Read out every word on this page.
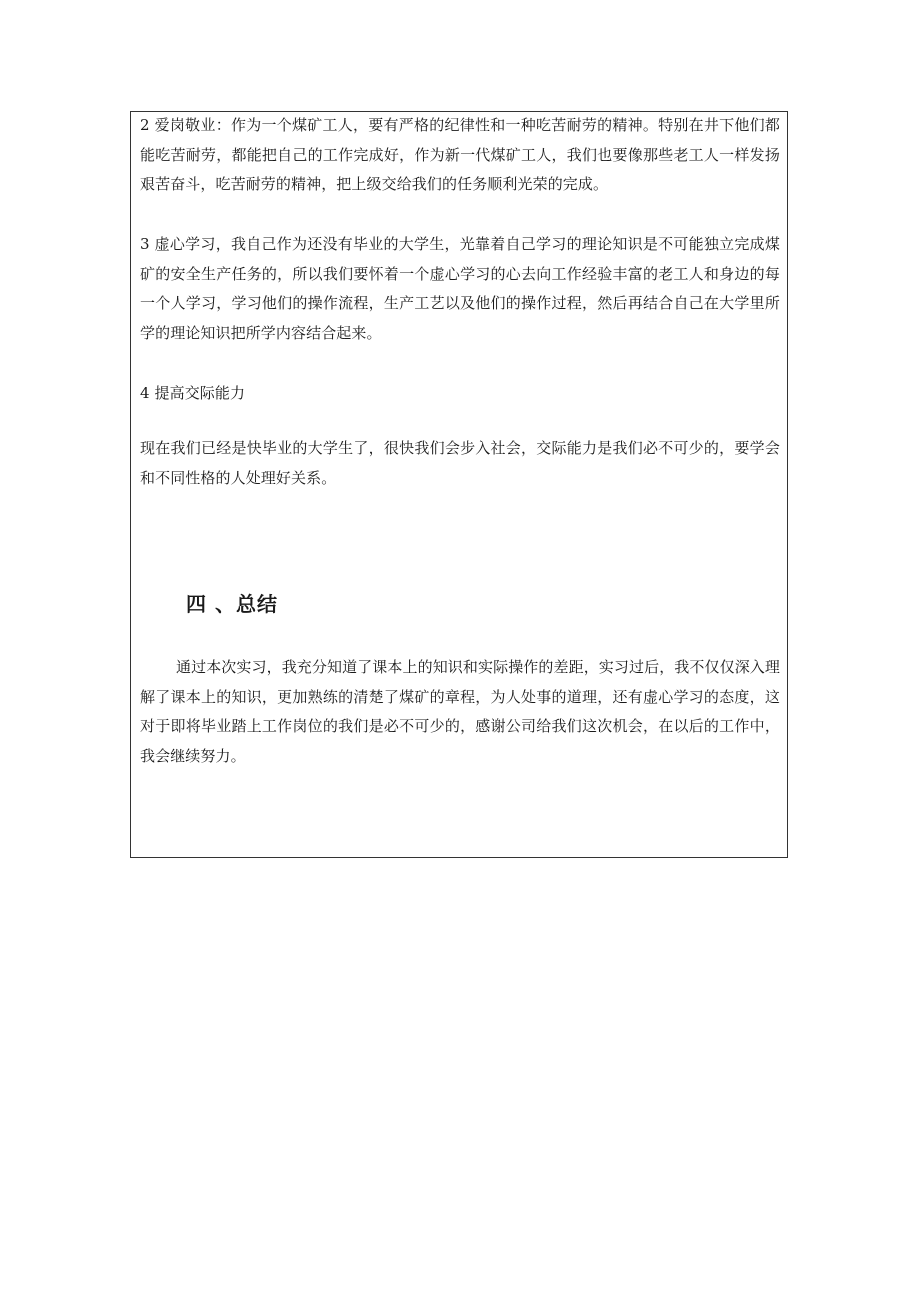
2 爱岗敬业：作为一个煤矿工人，要有严格的纪律性和一种吃苦耐劳的精神。特别在井下他们都能吃苦耐劳，都能把自己的工作完成好，作为新一代煤矿工人，我们也要像那些老工人一样发扬艰苦奋斗，吃苦耐劳的精神，把上级交给我们的任务顺利光荣的完成。

3 虚心学习，我自己作为还没有毕业的大学生，光靠着自己学习的理论知识是不可能独立完成煤矿的安全生产任务的，所以我们要怀着一个虚心学习的心去向工作经验丰富的老工人和身边的每一个人学习，学习他们的操作流程，生产工艺以及他们的操作过程，然后再结合自己在大学里所学的理论知识把所学内容结合起来。

4 提高交际能力

现在我们已经是快毕业的大学生了，很快我们会步入社会，交际能力是我们必不可少的，要学会和不同性格的人处理好关系。

四 、总结

通过本次实习，我充分知道了课本上的知识和实际操作的差距，实习过后，我不仅仅深入理解了课本上的知识，更加熟练的清楚了煤矿的章程，为人处事的道理，还有虚心学习的态度，这对于即将毕业踏上工作岗位的我们是必不可少的，感谢公司给我们这次机会，在以后的工作中，我会继续努力。
